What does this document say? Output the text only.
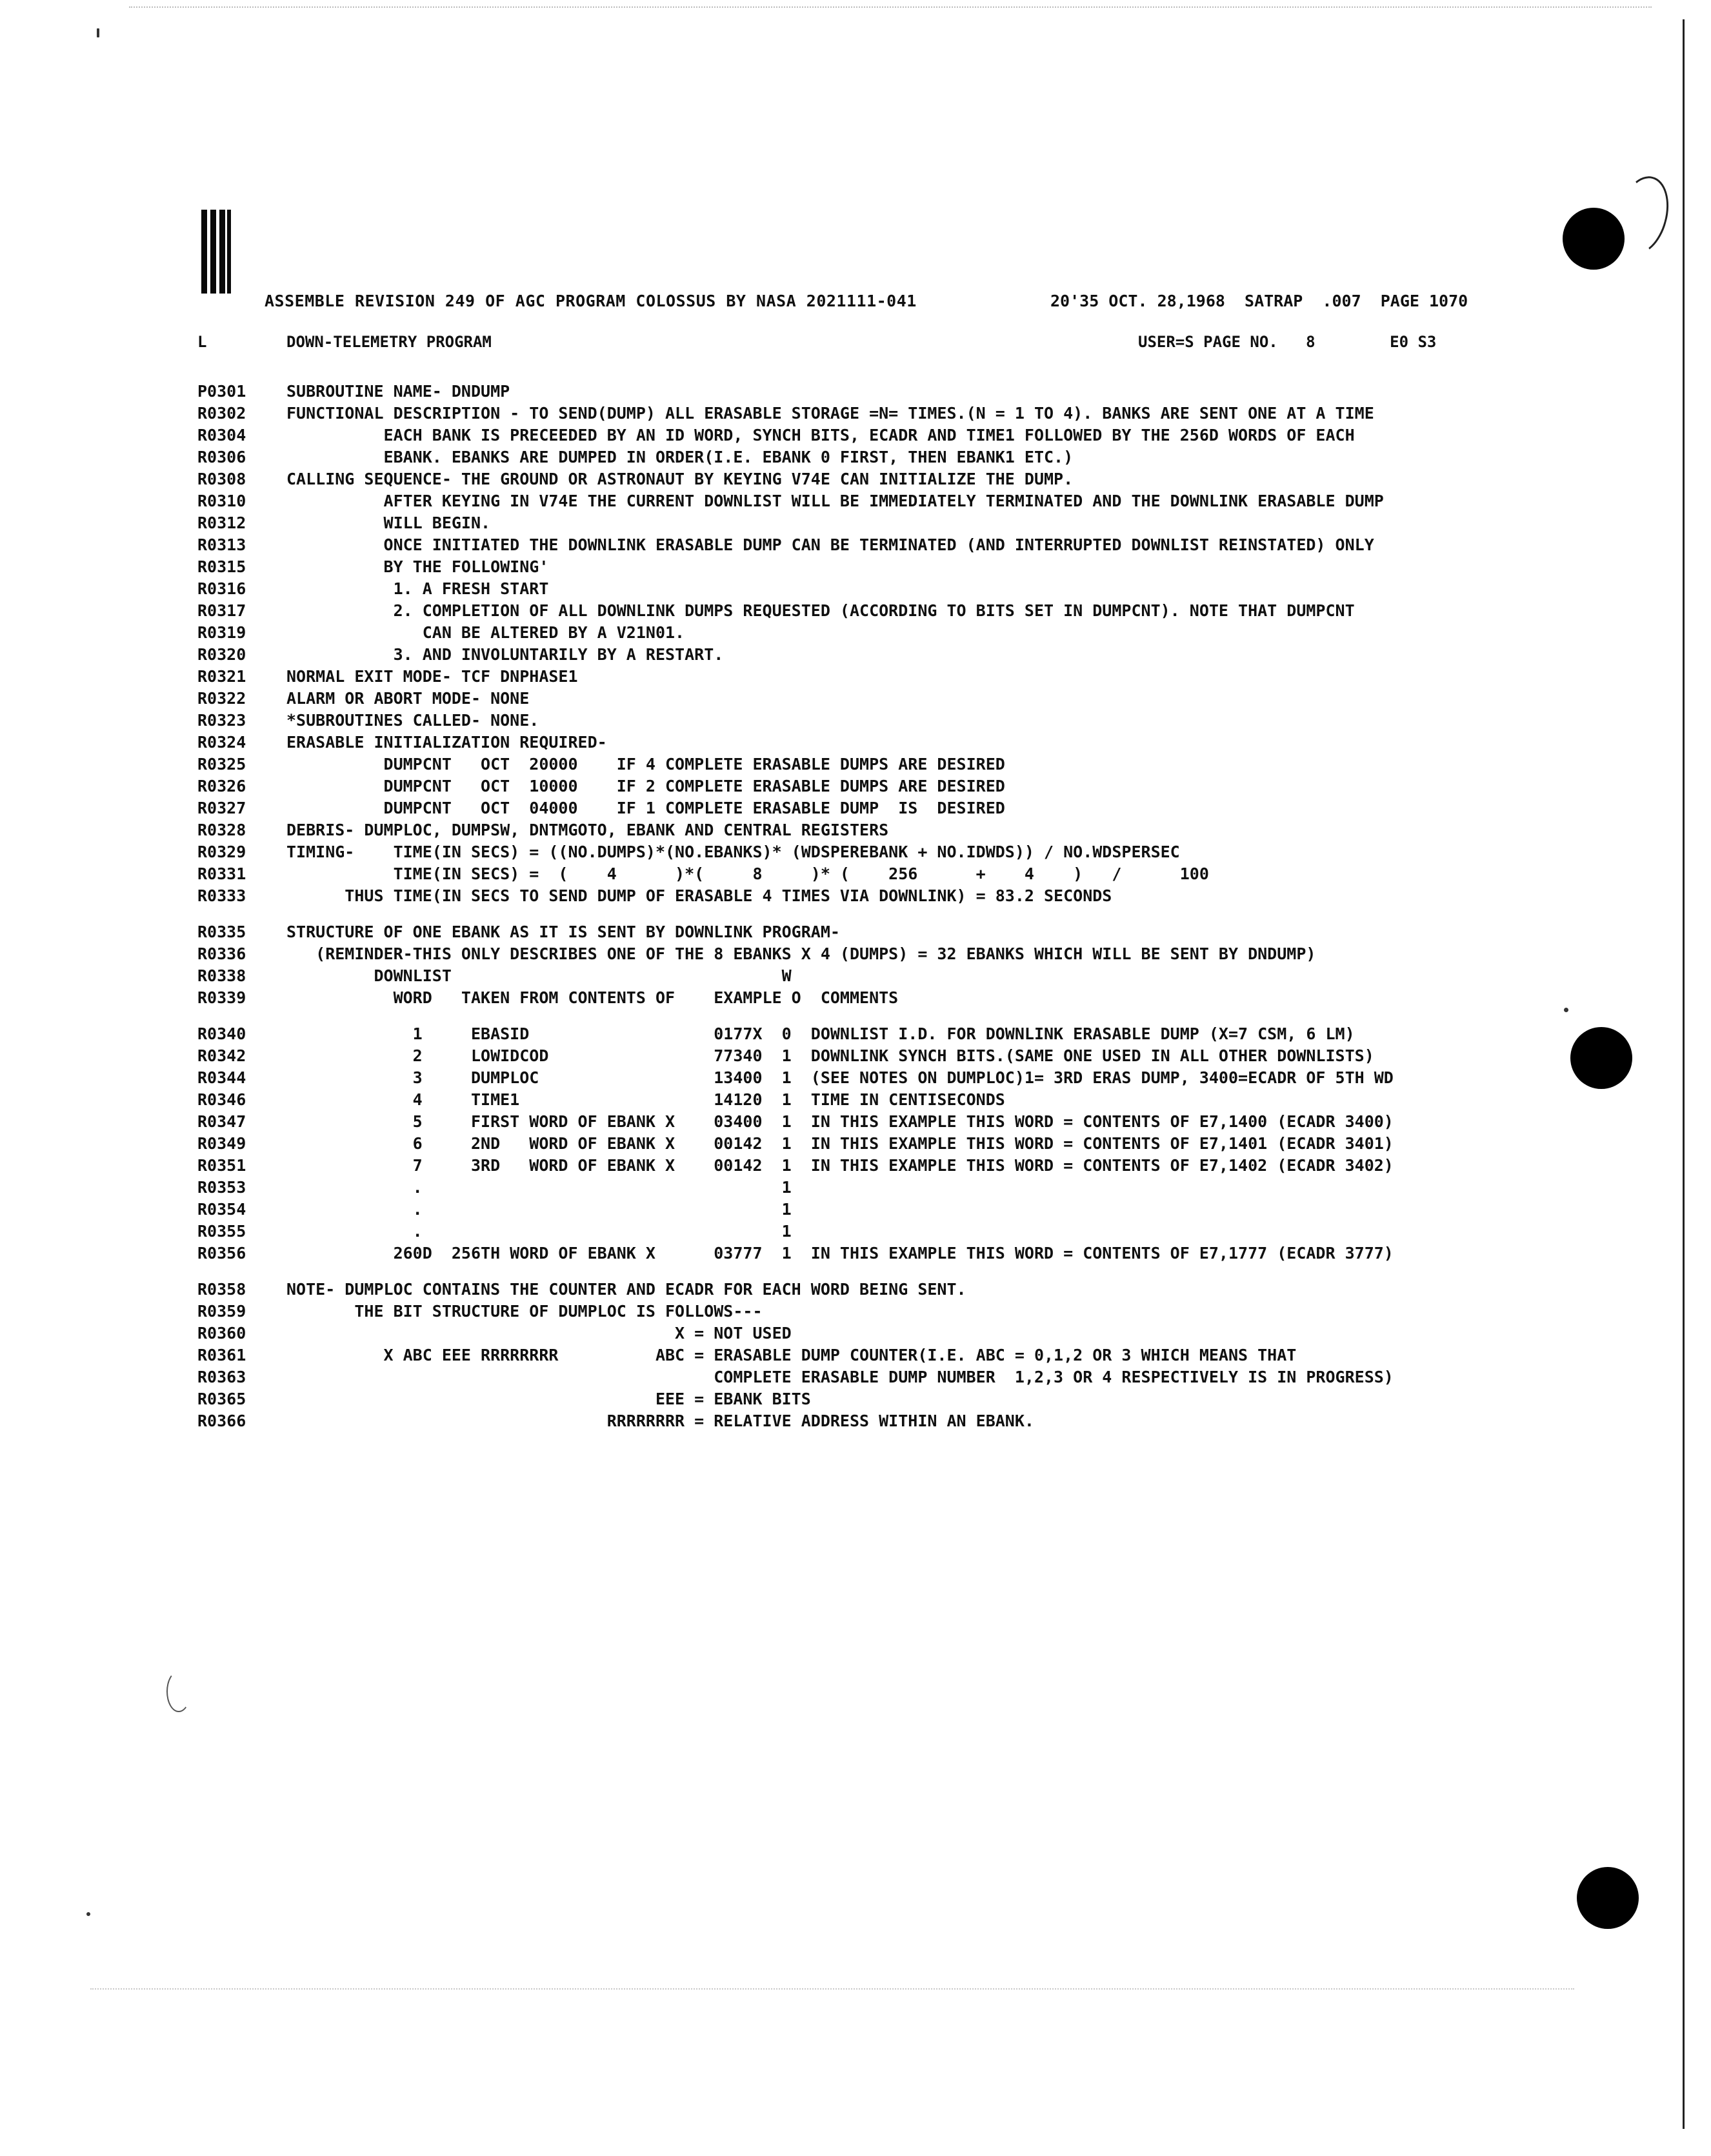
ASSEMBLE REVISION 249 OF AGC PROGRAM COLOSSUS BY NASA 2021111-041	20'35 OCT. 28,1968  SATRAP  .007  PAGE 1070
L	DOWN-TELEMETRY PROGRAM	USER=S PAGE NO.   8        E0 S3
P0301	SUBROUTINE NAME- DNDUMP
R0302	FUNCTIONAL DESCRIPTION - TO SEND(DUMP) ALL ERASABLE STORAGE =N= TIMES.(N = 1 TO 4). BANKS ARE SENT ONE AT A TIME
R0304	EACH BANK IS PRECEEDED BY AN ID WORD, SYNCH BITS, ECADR AND TIME1 FOLLOWED BY THE 256D WORDS OF EACH
R0306	EBANK. EBANKS ARE DUMPED IN ORDER(I.E. EBANK 0 FIRST, THEN EBANK1 ETC.)
R0308	CALLING SEQUENCE- THE GROUND OR ASTRONAUT BY KEYING V74E CAN INITIALIZE THE DUMP.
R0310	AFTER KEYING IN V74E THE CURRENT DOWNLIST WILL BE IMMEDIATELY TERMINATED AND THE DOWNLINK ERASABLE DUMP
R0312	WILL BEGIN.
R0313	ONCE INITIATED THE DOWNLINK ERASABLE DUMP CAN BE TERMINATED (AND INTERRUPTED DOWNLIST REINSTATED) ONLY
R0315	BY THE FOLLOWING'
R0316	1. A FRESH START
R0317	2. COMPLETION OF ALL DOWNLINK DUMPS REQUESTED (ACCORDING TO BITS SET IN DUMPCNT). NOTE THAT DUMPCNT
R0319	CAN BE ALTERED BY A V21N01.
R0320	3. AND INVOLUNTARILY BY A RESTART.
R0321	NORMAL EXIT MODE- TCF DNPHASE1
R0322	ALARM OR ABORT MODE- NONE
R0323	*SUBROUTINES CALLED- NONE.
R0324	ERASABLE INITIALIZATION REQUIRED-
R0325	DUMPCNT   OCT  20000    IF 4 COMPLETE ERASABLE DUMPS ARE DESIRED
R0326	DUMPCNT   OCT  10000    IF 2 COMPLETE ERASABLE DUMPS ARE DESIRED
R0327	DUMPCNT   OCT  04000    IF 1 COMPLETE ERASABLE DUMP  IS  DESIRED
R0328	DEBRIS- DUMPLOC, DUMPSW, DNTMGOTO, EBANK AND CENTRAL REGISTERS
R0329	TIMING-    TIME(IN SECS) = ((NO.DUMPS)*(NO.EBANKS)* (WDSPEREBANK + NO.IDWDS)) / NO.WDSPERSEC
R0331	TIME(IN SECS) =  (    4      )*(     8     )* (    256      +    4    )   /      100
R0333	THUS TIME(IN SECS TO SEND DUMP OF ERASABLE 4 TIMES VIA DOWNLINK) = 83.2 SECONDS
R0335	STRUCTURE OF ONE EBANK AS IT IS SENT BY DOWNLINK PROGRAM-
R0336	(REMINDER-THIS ONLY DESCRIBES ONE OF THE 8 EBANKS X 4 (DUMPS) = 32 EBANKS WHICH WILL BE SENT BY DNDUMP)
R0338	DOWNLIST                                  W
R0339	WORD   TAKEN FROM CONTENTS OF    EXAMPLE O  COMMENTS
R0340	1     EBASID                   0177X  0  DOWNLIST I.D. FOR DOWNLINK ERASABLE DUMP (X=7 CSM, 6 LM)
R0342	2     LOWIDCOD                 77340  1  DOWNLINK SYNCH BITS.(SAME ONE USED IN ALL OTHER DOWNLISTS)
R0344	3     DUMPLOC                  13400  1  (SEE NOTES ON DUMPLOC)1= 3RD ERAS DUMP, 3400=ECADR OF 5TH WD
R0346	4     TIME1                    14120  1  TIME IN CENTISECONDS
R0347	5     FIRST WORD OF EBANK X    03400  1  IN THIS EXAMPLE THIS WORD = CONTENTS OF E7,1400 (ECADR 3400)
R0349	6     2ND   WORD OF EBANK X    00142  1  IN THIS EXAMPLE THIS WORD = CONTENTS OF E7,1401 (ECADR 3401)
R0351	7     3RD   WORD OF EBANK X    00142  1  IN THIS EXAMPLE THIS WORD = CONTENTS OF E7,1402 (ECADR 3402)
R0353	.                                     1
R0354	.                                     1
R0355	.                                     1
R0356	260D  256TH WORD OF EBANK X      03777  1  IN THIS EXAMPLE THIS WORD = CONTENTS OF E7,1777 (ECADR 3777)
R0358	NOTE- DUMPLOC CONTAINS THE COUNTER AND ECADR FOR EACH WORD BEING SENT.
R0359	THE BIT STRUCTURE OF DUMPLOC IS FOLLOWS---
R0360	X = NOT USED
R0361	X ABC EEE RRRRRRRR          ABC = ERASABLE DUMP COUNTER(I.E. ABC = 0,1,2 OR 3 WHICH MEANS THAT
R0363	COMPLETE ERASABLE DUMP NUMBER  1,2,3 OR 4 RESPECTIVELY IS IN PROGRESS)
R0365	EEE = EBANK BITS
R0366	RRRRRRRR = RELATIVE ADDRESS WITHIN AN EBANK.
